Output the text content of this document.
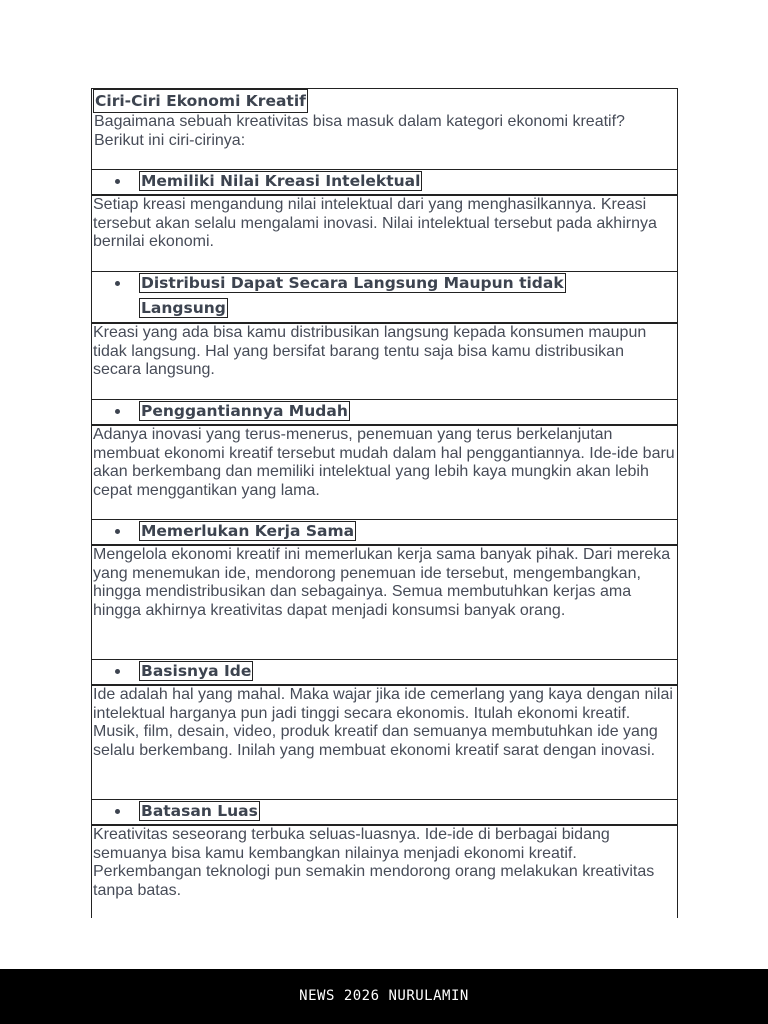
Ciri-Ciri Ekonomi Kreatif

Bagaimana sebuah kreativitas bisa masuk dalam kategori ekonomi kreatif? Berikut ini ciri-cirinya:

Memiliki Nilai Kreasi Intelektual

Setiap kreasi mengandung nilai intelektual dari yang menghasilkannya. Kreasi tersebut akan selalu mengalami inovasi. Nilai intelektual tersebut pada akhirnya bernilai ekonomi.

Distribusi Dapat Secara Langsung Maupun tidak Langsung

Kreasi yang ada bisa kamu distribusikan langsung kepada konsumen maupun tidak langsung. Hal yang bersifat barang tentu saja bisa kamu distribusikan secara langsung.

Penggantiannya Mudah

Adanya inovasi yang terus-menerus, penemuan yang terus berkelanjutan membuat ekonomi kreatif tersebut mudah dalam hal penggantiannya. Ide-ide baru akan berkembang dan memiliki intelektual yang lebih kaya mungkin akan lebih cepat menggantikan yang lama.

Memerlukan Kerja Sama

Mengelola ekonomi kreatif ini memerlukan kerja sama banyak pihak. Dari mereka yang menemukan ide, mendorong penemuan ide tersebut, mengembangkan, hingga mendistribusikan dan sebagainya. Semua membutuhkan kerjas ama hingga akhirnya kreativitas dapat menjadi konsumsi banyak orang.

Basisnya Ide

Ide adalah hal yang mahal. Maka wajar jika ide cemerlang yang kaya dengan nilai intelektual harganya pun jadi tinggi secara ekonomis. Itulah ekonomi kreatif. Musik, film, desain, video, produk kreatif dan semuanya membutuhkan ide yang selalu berkembang. Inilah yang membuat ekonomi kreatif sarat dengan inovasi.

Batasan Luas

Kreativitas seseorang terbuka seluas-luasnya. Ide-ide di berbagai bidang semuanya bisa kamu kembangkan nilainya menjadi ekonomi kreatif. Perkembangan teknologi pun semakin mendorong orang melakukan kreativitas tanpa batas.

NEWS 2026 NURULAMIN
